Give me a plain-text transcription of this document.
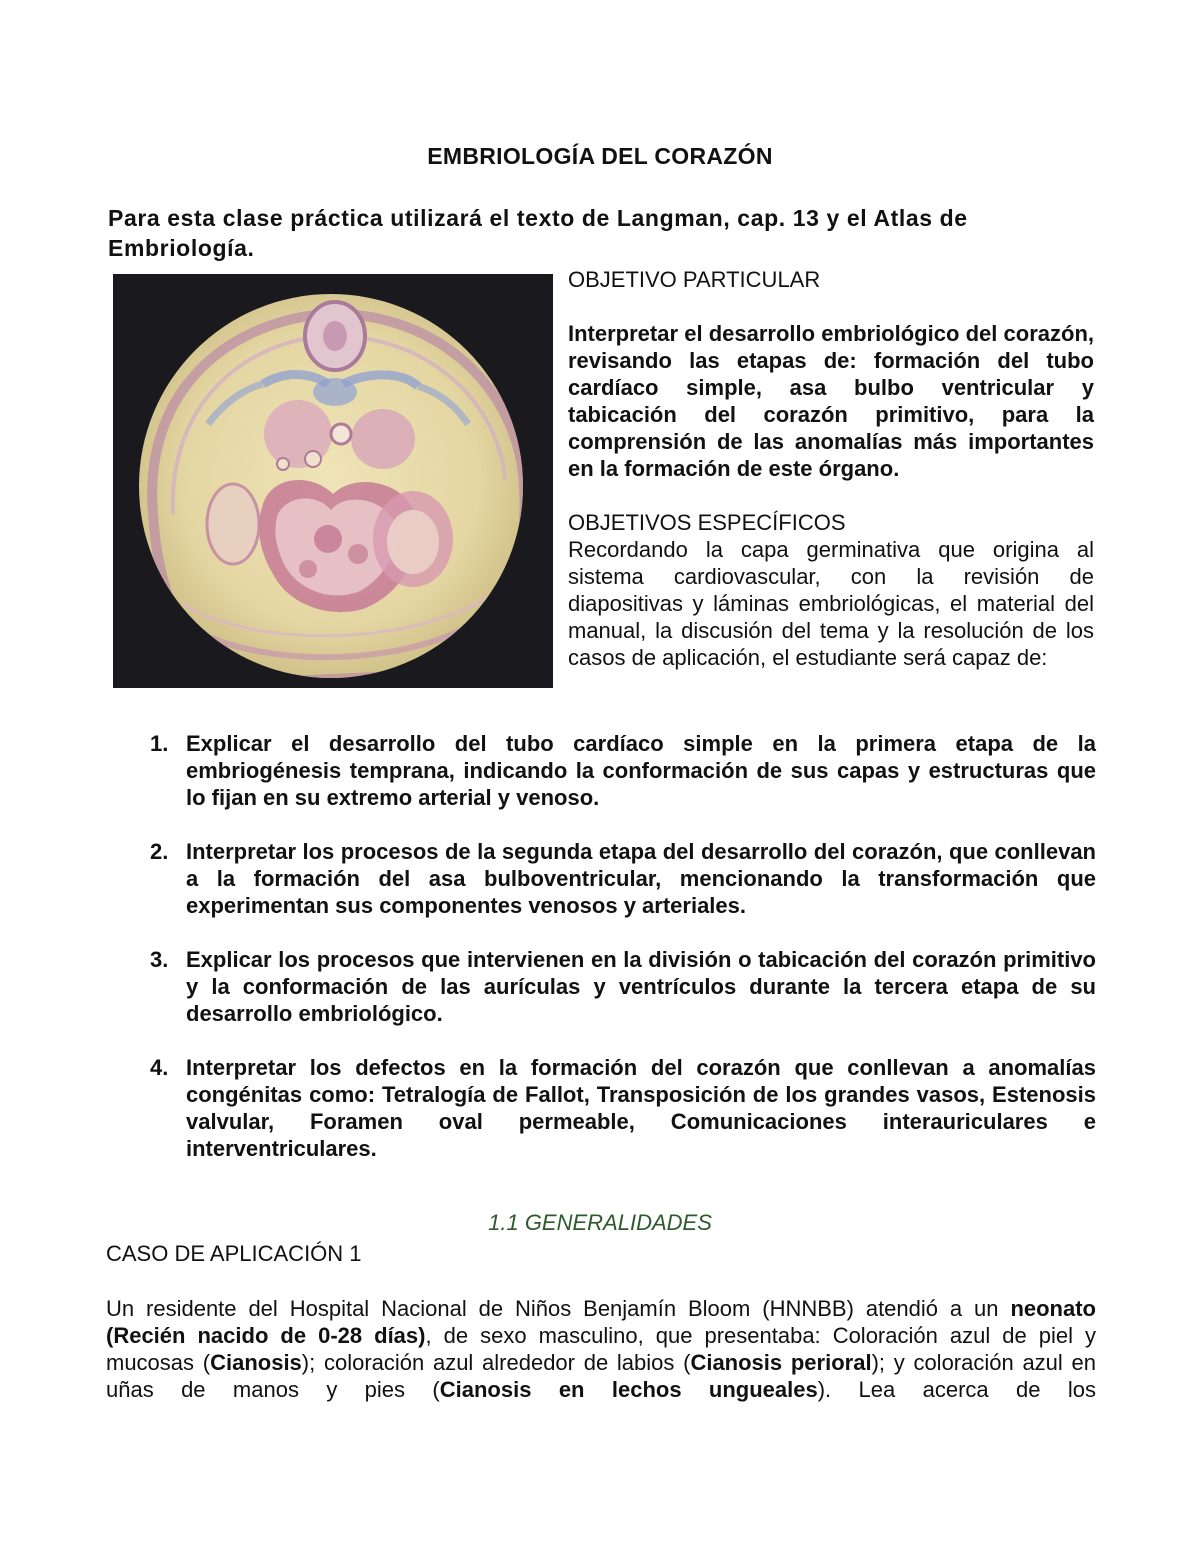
EMBRIOLOGÍA DEL CORAZÓN
Para esta clase práctica utilizará el texto de Langman, cap. 13 y el Atlas de Embriología.
OBJETIVO PARTICULAR
Interpretar el desarrollo embriológico del corazón, revisando las etapas de: formación del tubo cardíaco simple, asa bulbo ventricular y tabicación del corazón primitivo, para la comprensión de las anomalías más importantes en la formación de este órgano.
OBJETIVOS ESPECÍFICOS
Recordando la capa germinativa que origina al sistema cardiovascular, con la revisión de diapositivas y láminas embriológicas, el material del manual, la discusión del tema y la resolución de los casos de aplicación, el estudiante será capaz de:
1. Explicar el desarrollo del tubo cardíaco simple en la primera etapa de la embriogénesis temprana, indicando la conformación de sus capas y estructuras que lo fijan en su extremo arterial y venoso.
2. Interpretar los procesos de la segunda etapa del desarrollo del corazón, que conllevan a la formación del asa bulboventricular, mencionando la transformación que experimentan sus componentes venosos y arteriales.
3. Explicar los procesos que intervienen en la división o tabicación del corazón primitivo y la conformación de las aurículas y ventrículos durante la tercera etapa de su desarrollo embriológico.
4. Interpretar los defectos en la formación del corazón que conllevan a anomalías congénitas como: Tetralogía de Fallot, Transposición de los grandes vasos, Estenosis valvular, Foramen oval permeable, Comunicaciones interauriculares e interventriculares.
1.1 GENERALIDADES
CASO DE APLICACIÓN 1
Un residente del Hospital Nacional de Niños Benjamín Bloom (HNNBB) atendió a un neonato (Recién nacido de 0-28 días), de sexo masculino, que presentaba: Coloración azul de piel y mucosas (Cianosis); coloración azul alrededor de labios (Cianosis perioral); y coloración azul en uñas de manos y pies (Cianosis en lechos ungueales). Lea acerca de los
